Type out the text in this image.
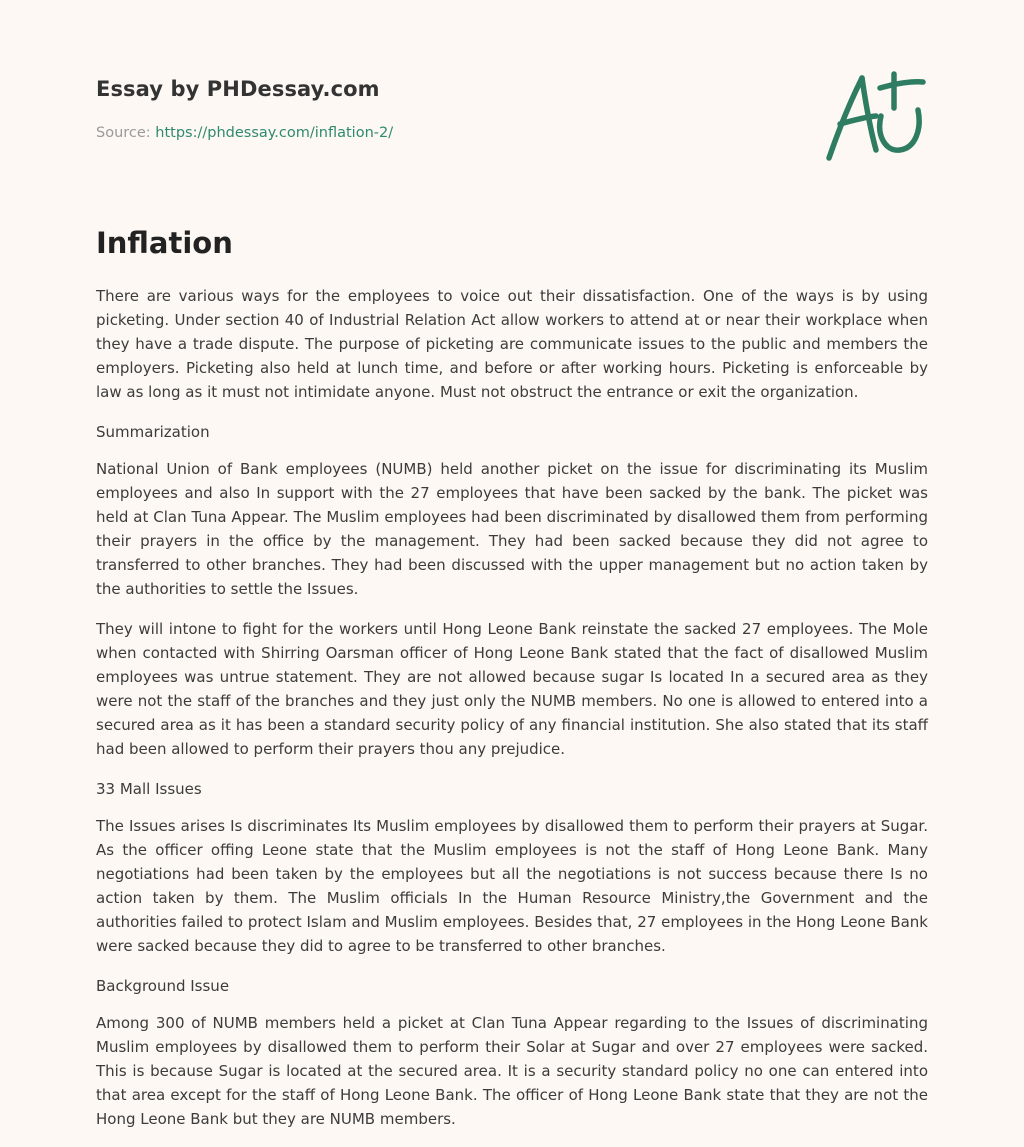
Essay by PHDessay.com

Source: https://phdessay.com/inflation-2/

Inflation

There are various ways for the employees to voice out their dissatisfaction. One of the ways is by using picketing. Under section 40 of Industrial Relation Act allow workers to attend at or near their workplace when they have a trade dispute. The purpose of picketing are communicate issues to the public and members the employers. Picketing also held at lunch time, and before or after working hours. Picketing is enforceable by law as long as it must not intimidate anyone. Must not obstruct the entrance or exit the organization.

Summarization

National Union of Bank employees (NUMB) held another picket on the issue for discriminating its Muslim employees and also In support with the 27 employees that have been sacked by the bank. The picket was held at Clan Tuna Appear. The Muslim employees had been discriminated by disallowed them from performing their prayers in the office by the management. They had been sacked because they did not agree to transferred to other branches. They had been discussed with the upper management but no action taken by the authorities to settle the Issues.

They will intone to fight for the workers until Hong Leone Bank reinstate the sacked 27 employees. The Mole when contacted with Shirring Oarsman officer of Hong Leone Bank stated that the fact of disallowed Muslim employees was untrue statement. They are not allowed because sugar Is located In a secured area as they were not the staff of the branches and they just only the NUMB members. No one is allowed to entered into a secured area as it has been a standard security policy of any financial institution. She also stated that its staff had been allowed to perform their prayers thou any prejudice.

33 Mall Issues

The Issues arises Is discriminates Its Muslim employees by disallowed them to perform their prayers at Sugar. As the officer offing Leone state that the Muslim employees is not the staff of Hong Leone Bank. Many negotiations had been taken by the employees but all the negotiations is not success because there Is no action taken by them. The Muslim officials In the Human Resource Ministry,the Government and the authorities failed to protect Islam and Muslim employees. Besides that, 27 employees in the Hong Leone Bank were sacked because they did to agree to be transferred to other branches.

Background Issue

Among 300 of NUMB members held a picket at Clan Tuna Appear regarding to the Issues of discriminating Muslim employees by disallowed them to perform their Solar at Sugar and over 27 employees were sacked. This is because Sugar is located at the secured area. It is a security standard policy no one can entered into that area except for the staff of Hong Leone Bank. The officer of Hong Leone Bank state that they are not the Hong Leone Bank but they are NUMB members.
